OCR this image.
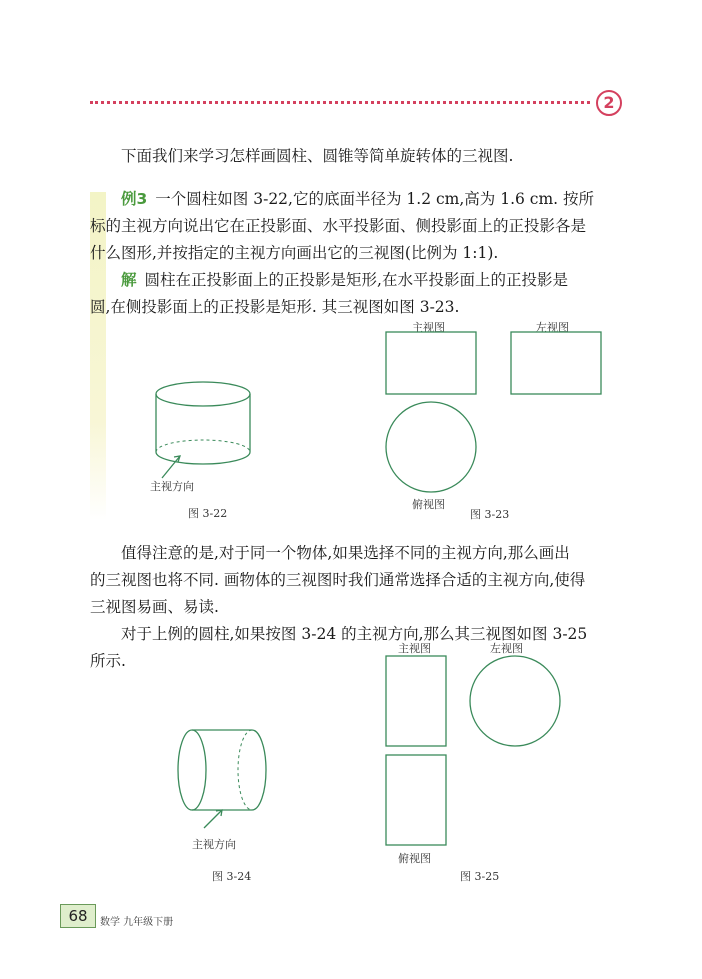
2
下面我们来学习怎样画圆柱、圆锥等简单旋转体的三视图.
例3 一个圆柱如图 3-22,它的底面半径为 1.2 cm,高为 1.6 cm. 按所
标的主视方向说出它在正投影面、水平投影面、侧投影面上的正投影各是
什么图形,并按指定的主视方向画出它的三视图(比例为 1:1).
解 圆柱在正投影面上的正投影是矩形,在水平投影面上的正投影是
圆,在侧投影面上的正投影是矩形. 其三视图如图 3-23.
主视方向
图 3-22
主视图	左视图
俯视图
图 3-23
值得注意的是,对于同一个物体,如果选择不同的主视方向,那么画出
的三视图也将不同. 画物体的三视图时我们通常选择合适的主视方向,使得
三视图易画、易读.
对于上例的圆柱,如果按图 3-24 的主视方向,那么其三视图如图 3-25
所示.
主视方向
图 3-24
主视图	左视图
俯视图
图 3-25
68	数学 九年级下册
